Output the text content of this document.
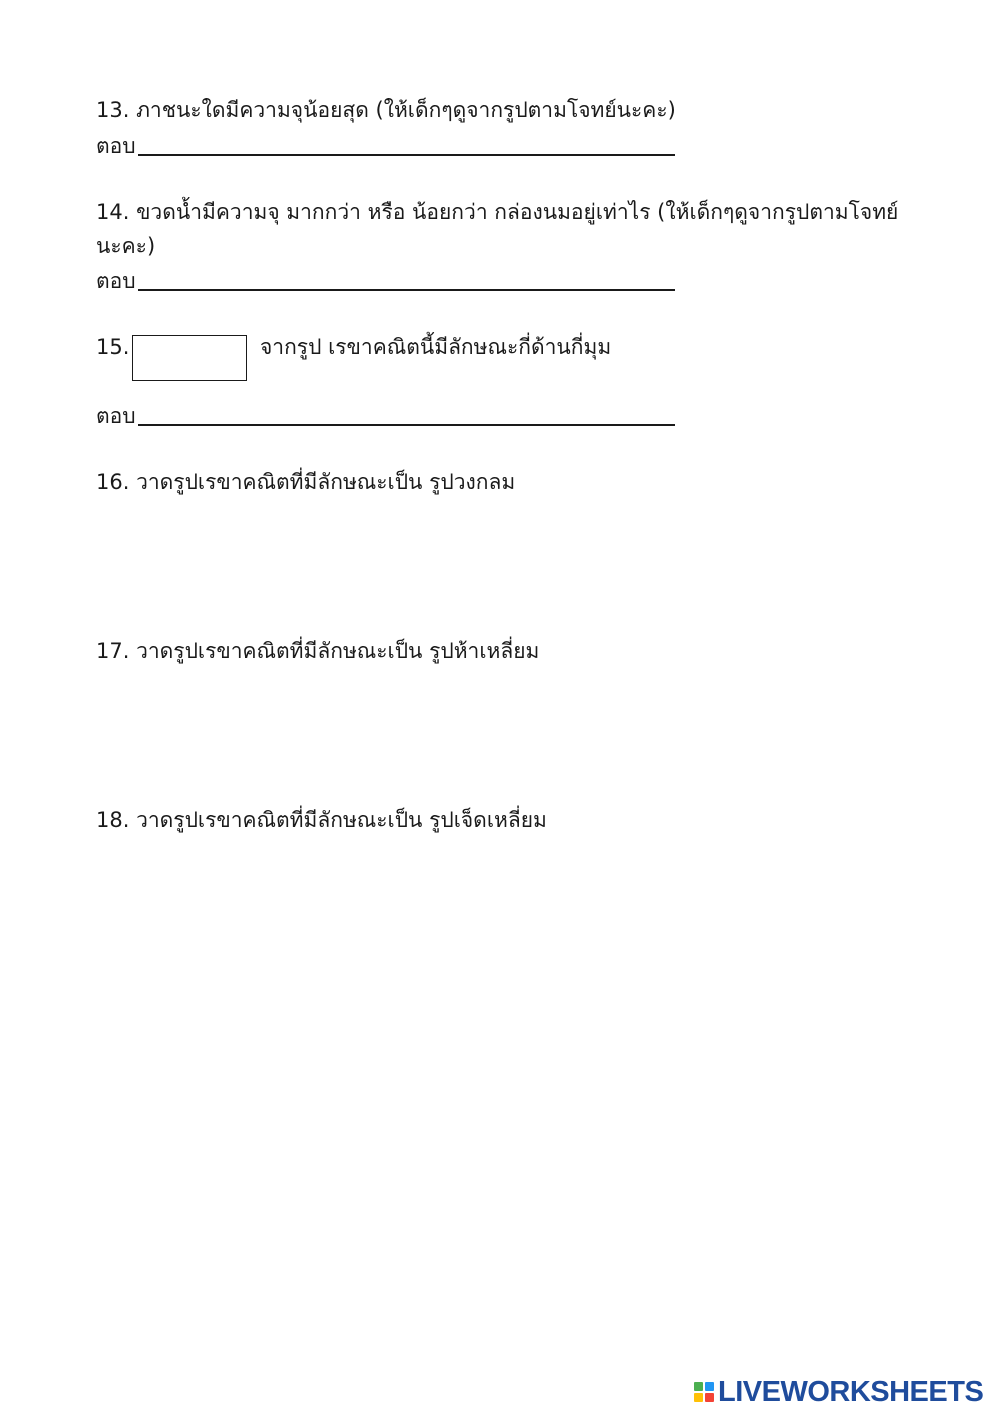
13. ภาชนะใดมีความจุน้อยสุด (ให้เด็กๆดูจากรูปตามโจทย์นะคะ)
ตอบ
14. ขวดน้ำมีความจุ มากกว่า หรือ น้อยกว่า กล่องนมอยู่เท่าไร (ให้เด็กๆดูจากรูปตามโจทย์
นะคะ)
ตอบ
15.	จากรูป เรขาคณิตนี้มีลักษณะกี่ด้านกี่มุม
ตอบ
16. วาดรูปเรขาคณิตที่มีลักษณะเป็น รูปวงกลม
17. วาดรูปเรขาคณิตที่มีลักษณะเป็น รูปห้าเหลี่ยม
18. วาดรูปเรขาคณิตที่มีลักษณะเป็น รูปเจ็ดเหลี่ยม
LIVEWORKSHEETS
